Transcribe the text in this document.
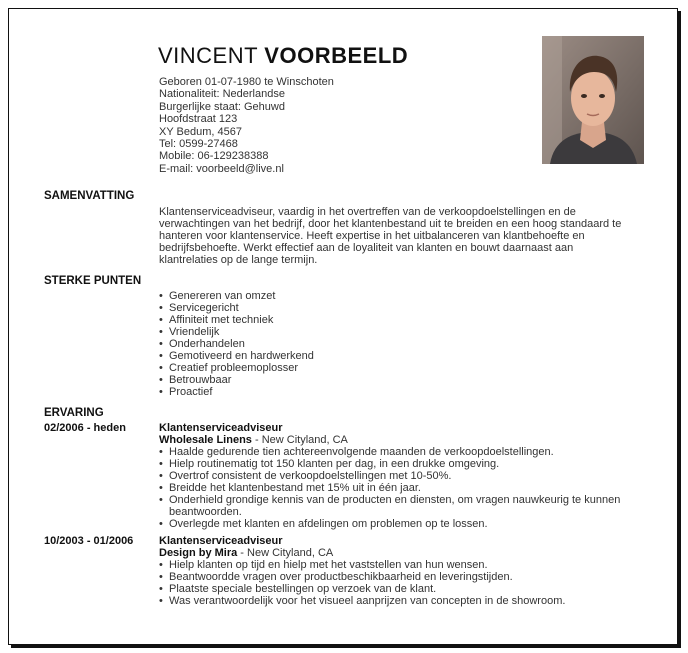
VINCENT VOORBEELD
Geboren 01-07-1980 te Winschoten
Nationaliteit: Nederlandse
Burgerlijke staat: Gehuwd
Hoofdstraat 123
XY Bedum, 4567
Tel: 0599-27468
Mobile: 06-129238388
E-mail: voorbeeld@live.nl
SAMENVATTING

Klantenserviceadviseur, vaardig in het overtreffen van de verkoopdoelstellingen en de verwachtingen van het bedrijf, door het klantenbestand uit te breiden en een hoog standaard te hanteren voor klantenservice. Heeft expertise in het uitbalanceren van klantbehoefte en bedrijfsbehoefte. Werkt effectief aan de loyaliteit van klanten en bouwt daarnaast aan klantrelaties op de lange termijn.

STERKE PUNTEN
• Genereren van omzet
• Servicegericht
• Affiniteit met techniek
• Vriendelijk
• Onderhandelen
• Gemotiveerd en hardwerkend
• Creatief probleemoplosser
• Betrouwbaar
• Proactief
ERVARING
02/2006 - heden	Klantenserviceadviseur
Wholesale Linens - New Cityland, CA
• Haalde gedurende tien achtereenvolgende maanden de verkoopdoelstellingen.
• Hielp routinematig tot 150 klanten per dag, in een drukke omgeving.
• Overtrof consistent de verkoopdoelstellingen met 10-50%.
• Breidde het klantenbestand met 15% uit in één jaar.
• Onderhield grondige kennis van de producten en diensten, om vragen nauwkeurig te kunnen beantwoorden.
• Overlegde met klanten en afdelingen om problemen op te lossen.
10/2003 - 01/2006 Klantenserviceadviseur
Design by Mira - New Cityland, CA
• Hielp klanten op tijd en hielp met het vaststellen van hun wensen.
• Beantwoordde vragen over productbeschikbaarheid en leveringstijden.
• Plaatste speciale bestellingen op verzoek van de klant.
• Was verantwoordelijk voor het visueel aanprijzen van concepten in de showroom.
